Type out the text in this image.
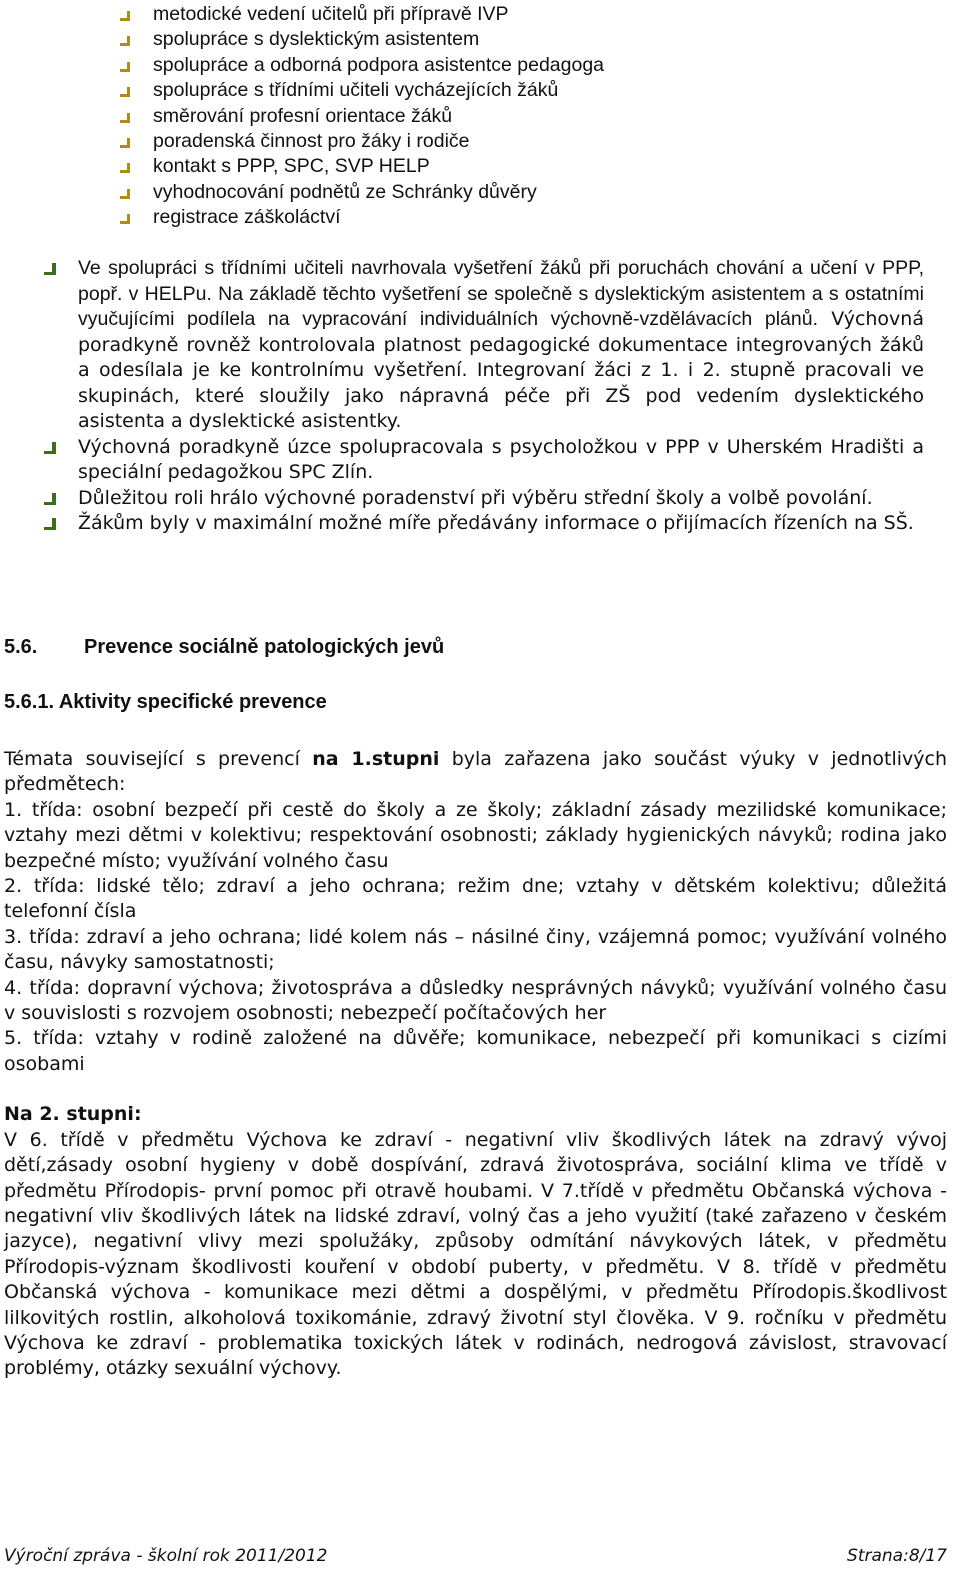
metodické vedení učitelů při přípravě IVP
spolupráce s dyslektickým asistentem
spolupráce a odborná podpora asistentce pedagoga
spolupráce s třídními učiteli vycházejících žáků
směrování profesní orientace žáků
poradenská činnost pro žáky i rodiče
kontakt s PPP, SPC, SVP HELP
vyhodnocování podnětů ze Schránky důvěry
registrace záškoláctví
Ve spolupráci s třídními učiteli navrhovala vyšetření žáků při poruchách chování a učení v PPP, popř. v HELPu. Na základě těchto vyšetření se společně s dyslektickým asistentem a s ostatními vyučujícími podílela na vypracování individuálních výchovně-vzdělávacích plánů. Výchovná poradkyně rovněž kontrolovala platnost pedagogické dokumentace integrovaných žáků a odesílala je ke kontrolnímu vyšetření. Integrovaní žáci z 1. i 2. stupně pracovali ve skupinách, které sloužily jako nápravná péče při ZŠ pod vedením dyslektického asistenta a dyslektické asistentky.
Výchovná poradkyně úzce spolupracovala s psycholožkou v PPP v Uherském Hradišti a speciální pedagožkou SPC Zlín.
Důležitou roli hrálo výchovné poradenství při výběru střední školy a volbě povolání.
Žákům byly v maximální možné míře předávány informace o přijímacích řízeních na SŠ.
5.6. Prevence sociálně patologických jevů
5.6.1. Aktivity specifické prevence

Témata související s prevencí na 1.stupni byla zařazena jako součást výuky v jednotlivých předmětech:

1. třída: osobní bezpečí při cestě do školy a ze školy; základní zásady mezilidské komunikace; vztahy mezi dětmi v kolektivu; respektování osobnosti; základy hygienických návyků; rodina jako bezpečné místo; využívání volného času

2. třída: lidské tělo; zdraví a jeho ochrana; režim dne; vztahy v dětském kolektivu; důležitá telefonní čísla

3. třída: zdraví a jeho ochrana; lidé kolem nás – násilné činy, vzájemná pomoc; využívání volného času, návyky samostatnosti;

4. třída: dopravní výchova; životospráva a důsledky nesprávných návyků; využívání volného času v souvislosti s rozvojem osobnosti; nebezpečí počítačových her

5. třída: vztahy v rodině založené na důvěře; komunikace, nebezpečí při komunikaci s cizími osobami

Na 2. stupni:

V 6. třídě v předmětu Výchova ke zdraví - negativní vliv škodlivých látek na zdravý vývoj dětí,zásady osobní hygieny v době dospívání, zdravá životospráva, sociální klima ve třídě v předmětu Přírodopis- první pomoc při otravě houbami. V 7.třídě v předmětu Občanská výchova - negativní vliv škodlivých látek na lidské zdraví, volný čas a jeho využití (také zařazeno v českém jazyce), negativní vlivy mezi spolužáky, způsoby odmítání návykových látek, v předmětu Přírodopis-význam škodlivosti kouření v období puberty, v předmětu. V 8. třídě v předmětu Občanská výchova - komunikace mezi dětmi a dospělými, v předmětu Přírodopis.škodlivost lilkovitých rostlin, alkoholová toxikománie, zdravý životní styl člověka. V 9. ročníku v předmětu Výchova ke zdraví - problematika toxických látek v rodinách, nedrogová závislost, stravovací problémy, otázky sexuální výchovy.

Výroční zpráva - školní rok 2011/2012	Strana:8/17
